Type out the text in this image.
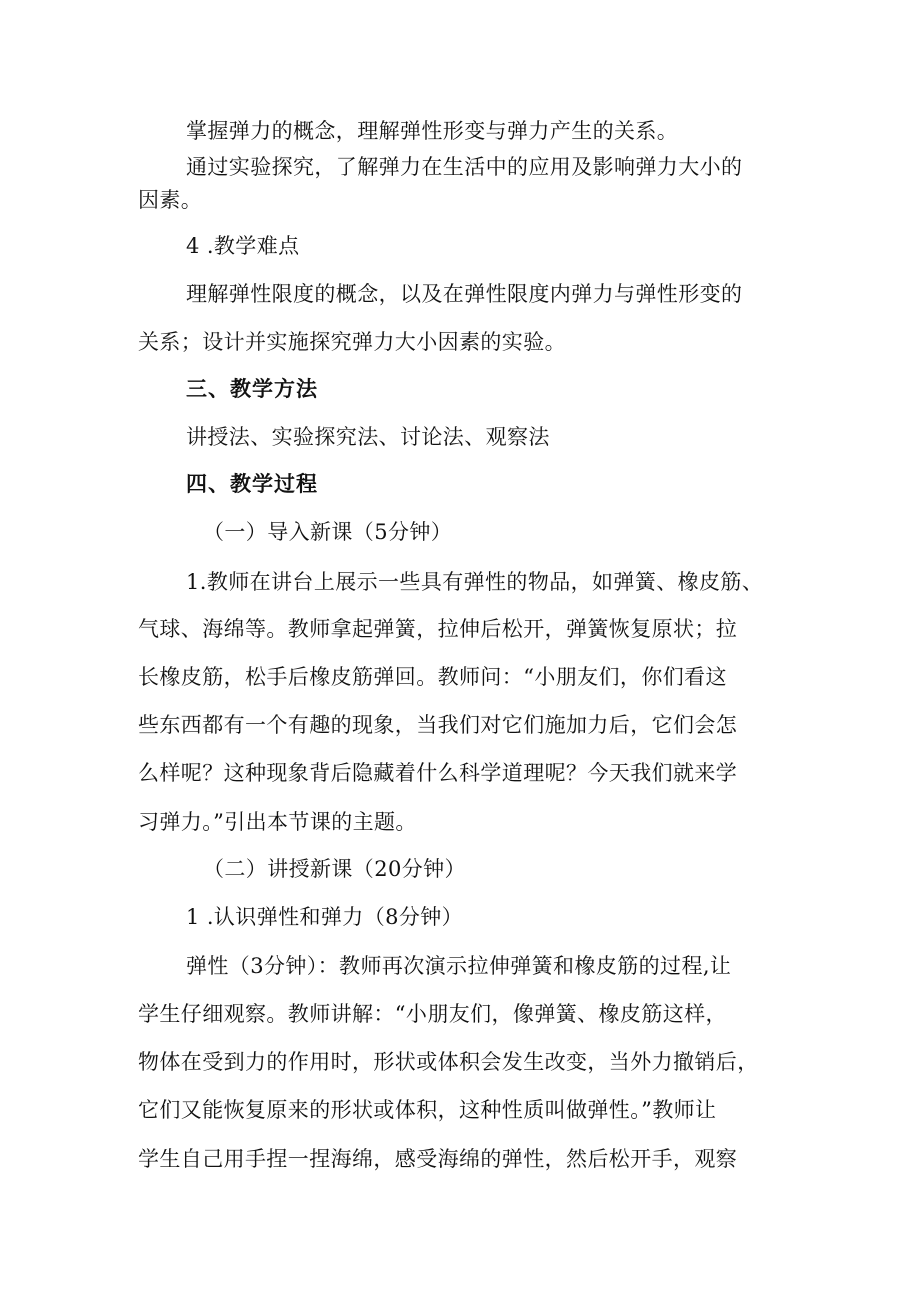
掌握弹力的概念，理解弹性形变与弹力产生的关系。

通过实验探究，了解弹力在生活中的应用及影响弹力大小的

因素。

4 .教学难点

理解弹性限度的概念，以及在弹性限度内弹力与弹性形变的

关系；设计并实施探究弹力大小因素的实验。

三、教学方法

讲授法、实验探究法、讨论法、观察法

四、教学过程

（一）导入新课（5分钟）

1.教师在讲台上展示一些具有弹性的物品，如弹簧、橡皮筋、

气球、海绵等。教师拿起弹簧，拉伸后松开，弹簧恢复原状；拉

长橡皮筋，松手后橡皮筋弹回。教师问：“小朋友们，你们看这

些东西都有一个有趣的现象，当我们对它们施加力后，它们会怎

么样呢？这种现象背后隐藏着什么科学道理呢？今天我们就来学

习弹力。”引出本节课的主题。

（二）讲授新课（20分钟）

1 .认识弹性和弹力（8分钟）

弹性（3分钟）：教师再次演示拉伸弹簧和橡皮筋的过程,让

学生仔细观察。教师讲解：“小朋友们，像弹簧、橡皮筋这样，

物体在受到力的作用时，形状或体积会发生改变，当外力撤销后，

它们又能恢复原来的形状或体积，这种性质叫做弹性。”教师让

学生自己用手捏一捏海绵，感受海绵的弹性，然后松开手，观察
